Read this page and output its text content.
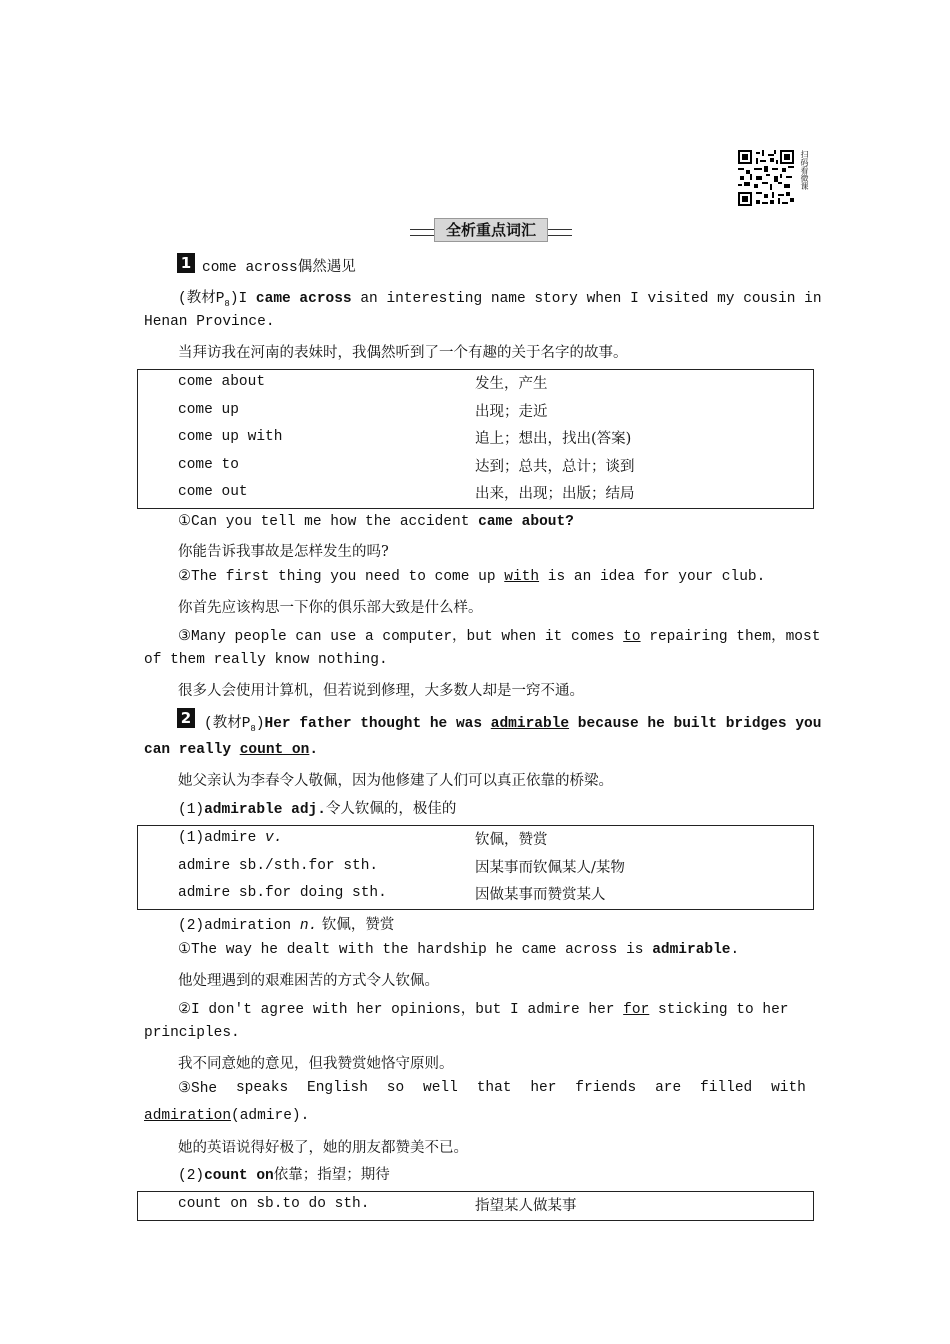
扫码看微课
全析重点词汇
1 come across偶然遇见
(教材$P_8)I$ came across an interesting name story when I visited my cousin in
Henan Province.
当拜访我在河南的表妹时，我偶然听到了一个有趣的关于名字的故事。
come about	发生，产生
come up	出现；走近
come up with	追上；想出，找出(答案)
come to	达到；总共，总计；谈到
come out	出来，出现；出版；结局
①Can you tell me how the accident came about?
你能告诉我事故是怎样发生的吗?
②The first thing you need to come up with is an idea for your club.
你首先应该构思一下你的俱乐部大致是什么样。
③Many people can use a computer，but when it comes to repairing them，most
of them really know nothing.
很多人会使用计算机，但若说到修理，大多数人却是一窍不通。
2 (教材$P_8)Her$ father thought he was admirable because he built bridges you
can really count on.
她父亲认为李春令人敬佩，因为他修建了人们可以真正依靠的桥梁。
(1)admirable adj.令人钦佩的，极佳的
(1)admire v.	钦佩，赞赏
admire sb./sth.for sth.	因某事而钦佩某人/某物
admire sb.for doing sth.	因做某事而赞赏某人
(2)admiration n. 钦佩，赞赏
①The way he dealt with the hardship he came across is admirable.
他处理遇到的艰难困苦的方式令人钦佩。
②I don't agree with her opinions，but I admire her for sticking to her
principles.
我不同意她的意见，但我赞赏她恪守原则。
③She speaks English so well that her friends are filled with
admiration(admire).
她的英语说得好极了，她的朋友都赞美不已。
(2)count on依靠；指望；期待
count on sb.to do sth.	指望某人做某事
